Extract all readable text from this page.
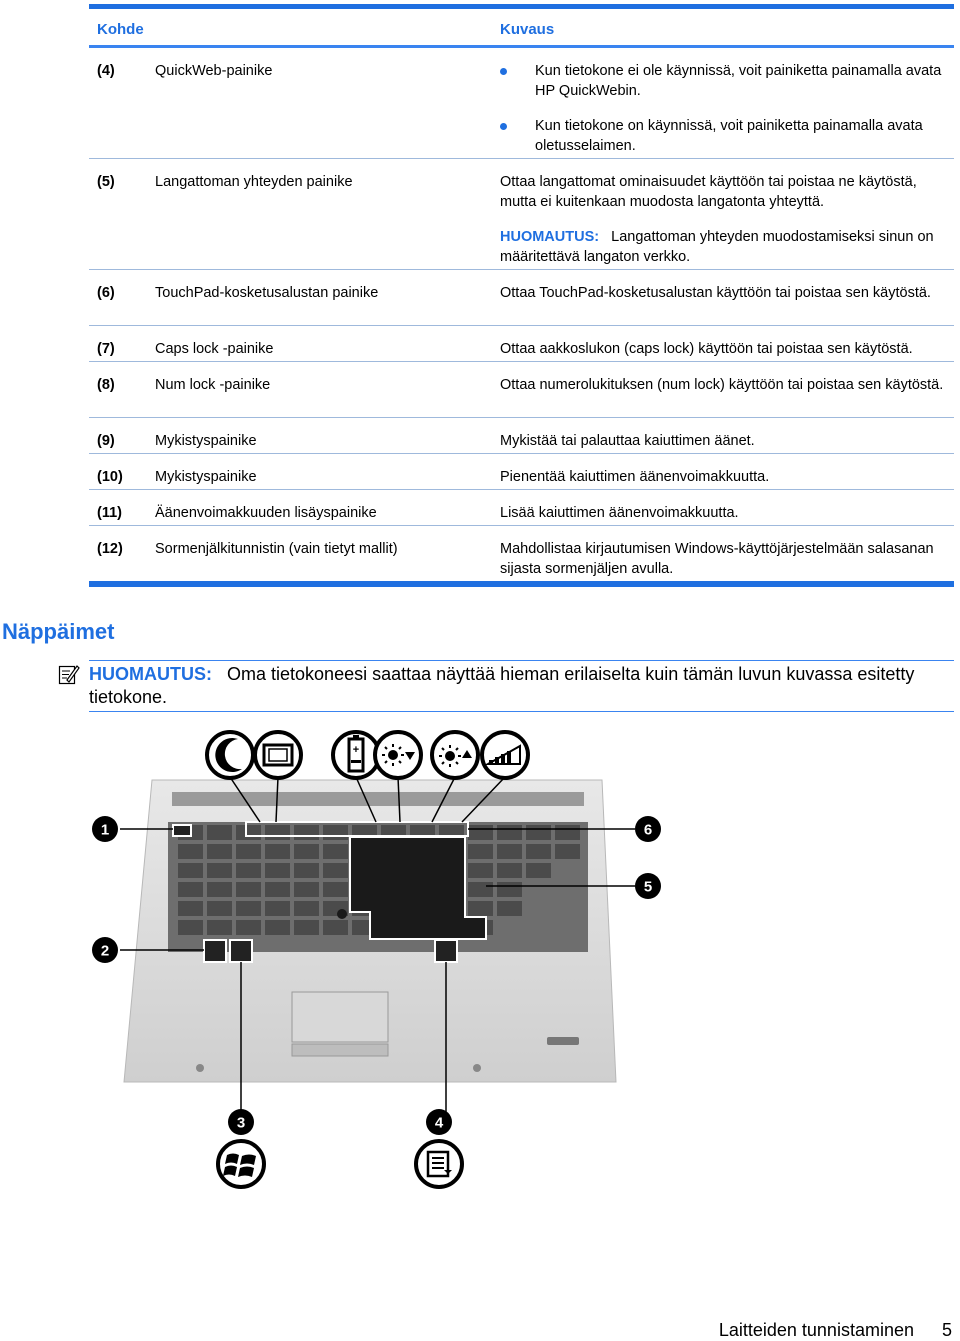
Kohde	Kuvaus
(4)	QuickWeb-painike	Kun tietokone ei ole käynnissä, voit painiketta painamalla avata HP QuickWebin.
Kun tietokone on käynnissä, voit painiketta painamalla avata oletusselaimen.
(5)	Langattoman yhteyden painike	Ottaa langattomat ominaisuudet käyttöön tai poistaa ne käytöstä, mutta ei kuitenkaan muodosta langatonta yhteyttä.
HUOMAUTUS: Langattoman yhteyden muodostamiseksi sinun on määritettävä langaton verkko.
(6)	TouchPad-kosketusalustan painike	Ottaa TouchPad-kosketusalustan käyttöön tai poistaa sen käytöstä.
(7)	Caps lock -painike	Ottaa aakkoslukon (caps lock) käyttöön tai poistaa sen käytöstä.
(8)	Num lock -painike	Ottaa numerolukituksen (num lock) käyttöön tai poistaa sen käytöstä.
(9)	Mykistyspainike	Mykistää tai palauttaa kaiuttimen äänet.
(10) Mykistyspainike	Pienentää kaiuttimen äänenvoimakkuutta.
(11) Äänenvoimakkuuden lisäyspainike	Lisää kaiuttimen äänenvoimakkuutta.
(12) Sormenjälkitunnistin (vain tietyt mallit)	Mahdollistaa kirjautumisen Windows-käyttöjärjestelmään salasanan sijasta sormenjäljen avulla.
Näppäimet
HUOMAUTUS: Oma tietokoneesi saattaa näyttää hieman erilaiselta kuin tämän luvun kuvassa esitetty tietokone.
1
2
3	4
5
6
+
Laitteiden tunnistaminen 5
